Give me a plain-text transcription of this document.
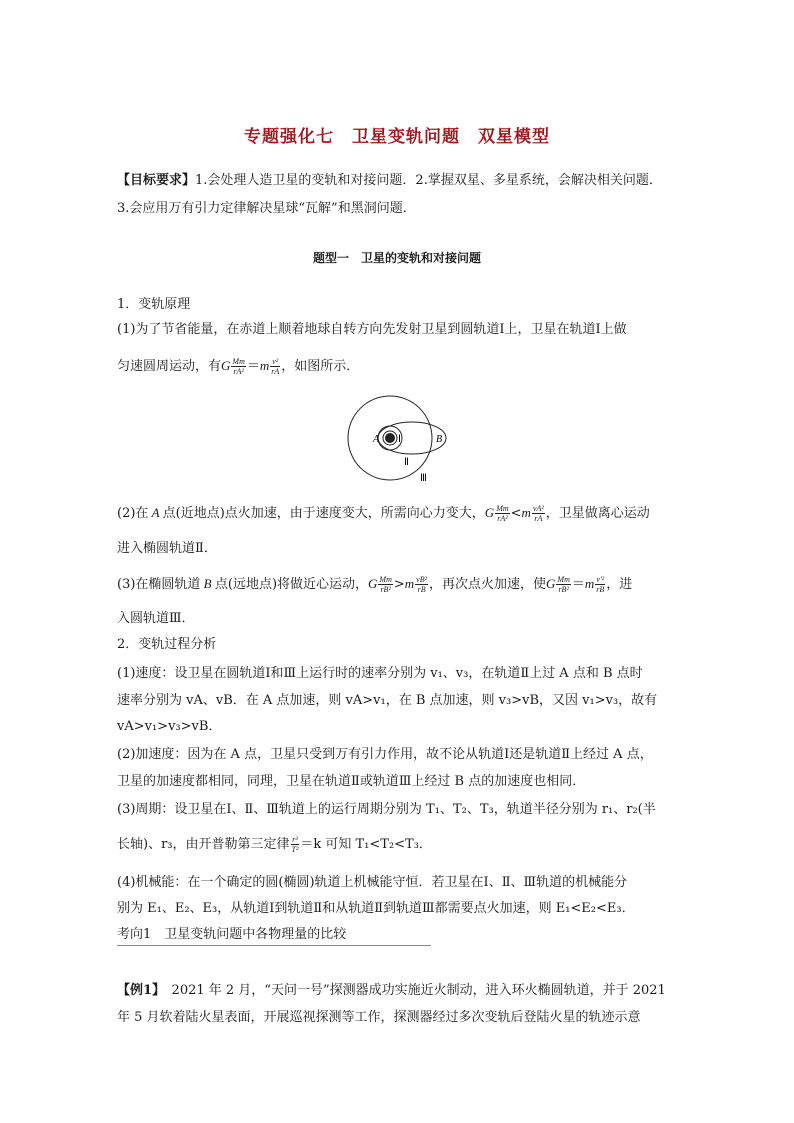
专题强化七　卫星变轨问题　双星模型
【目标要求】1.会处理人造卫星的变轨和对接问题．2.掌握双星、多星系统，会解决相关问题．
3.会应用万有引力定律解决星球“瓦解”和黑洞问题．
题型一　卫星的变轨和对接问题
1．变轨原理
(1)为了节省能量，在赤道上顺着地球自转方向先发射卫星到圆轨道Ⅰ上，卫星在轨道Ⅰ上做
匀速圆周运动，有G $\frac{Mm}{\text{rA²}} =m \frac{\text{v²}}{rA}$ ，如图所示．
A Ⅰ	B
Ⅱ
Ⅲ
(2)在 A 点(近地点)点火加速，由于速度变大，所需向心力变大，G $\frac{Mm}{\text{rA²}} <m \frac{\text{vA²}}{rA}$ ，卫星做离心运动
进入椭圆轨道Ⅱ．
(3)在椭圆轨道 B 点(远地点)将做近心运动，G $\frac{Mm}{\text{rB²}} >m \frac{\text{vB²}}{rB}$ ，再次点火加速，使G $\frac{Mm}{\text{rB²}} =m \frac{\text{v′²}}{rB}$ ，进
入圆轨道Ⅲ．
2．变轨过程分析
(1)速度：设卫星在圆轨道Ⅰ和Ⅲ上运行时的速率分别为 v₁、v₃，在轨道Ⅱ上过 A 点和 B 点时
速率分别为 vA、vB．在 A 点加速，则 vA>v₁，在 B 点加速，则 v₃>vB，又因 v₁>v₃，故有
vA>v₁>v₃>vB．
(2)加速度：因为在 A 点，卫星只受到万有引力作用，故不论从轨道Ⅰ还是轨道Ⅱ上经过 A 点，
卫星的加速度都相同，同理，卫星在轨道Ⅱ或轨道Ⅲ上经过 B 点的加速度也相同．
(3)周期：设卫星在Ⅰ、Ⅱ、Ⅲ轨道上的运行周期分别为 T₁、T₂、T₃，轨道半径分别为 r₁、r₂(半
长轴)、r₃，由开普勒第三定律 $\frac{\text{r³}}{\text{T²}} =k$ 可知 T₁<T₂<T₃．
(4)机械能：在一个确定的圆(椭圆)轨道上机械能守恒．若卫星在Ⅰ、Ⅱ、Ⅲ轨道的机械能分
别为 E₁、E₂、E₃，从轨道Ⅰ到轨道Ⅱ和从轨道Ⅱ到轨道Ⅲ都需要点火加速，则 E₁<E₂<E₃．
考向1　卫星变轨问题中各物理量的比较
【例1】　2021 年 2 月，“天问一号”探测器成功实施近火制动，进入环火椭圆轨道，并于 2021
年 5 月软着陆火星表面，开展巡视探测等工作，探测器经过多次变轨后登陆火星的轨迹示意
